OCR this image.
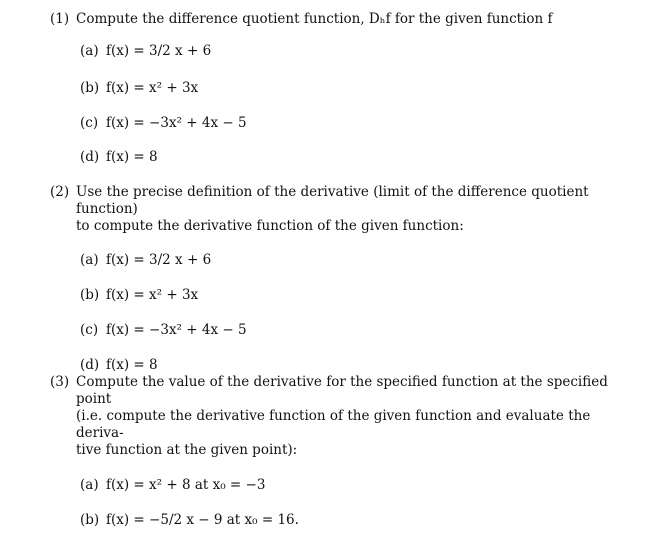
(1) Compute the difference quotient function, Dₕf for the given function f
(a) f(x) = 3/2 x + 6
(b) f(x) = x² + 3x
(c) f(x) = −3x² + 4x − 5
(d) f(x) = 8
(2) Use the precise definition of the derivative (limit of the difference quotient function)
to compute the derivative function of the given function:
(a) f(x) = 3/2 x + 6
(b) f(x) = x² + 3x
(c) f(x) = −3x² + 4x − 5
(d) f(x) = 8
(3) Compute the value of the derivative for the specified function at the specified point
(i.e. compute the derivative function of the given function and evaluate the deriva-
tive function at the given point):
(a) f(x) = x² + 8 at x₀ = −3
(b) f(x) = −5/2 x − 9 at x₀ = 16.
